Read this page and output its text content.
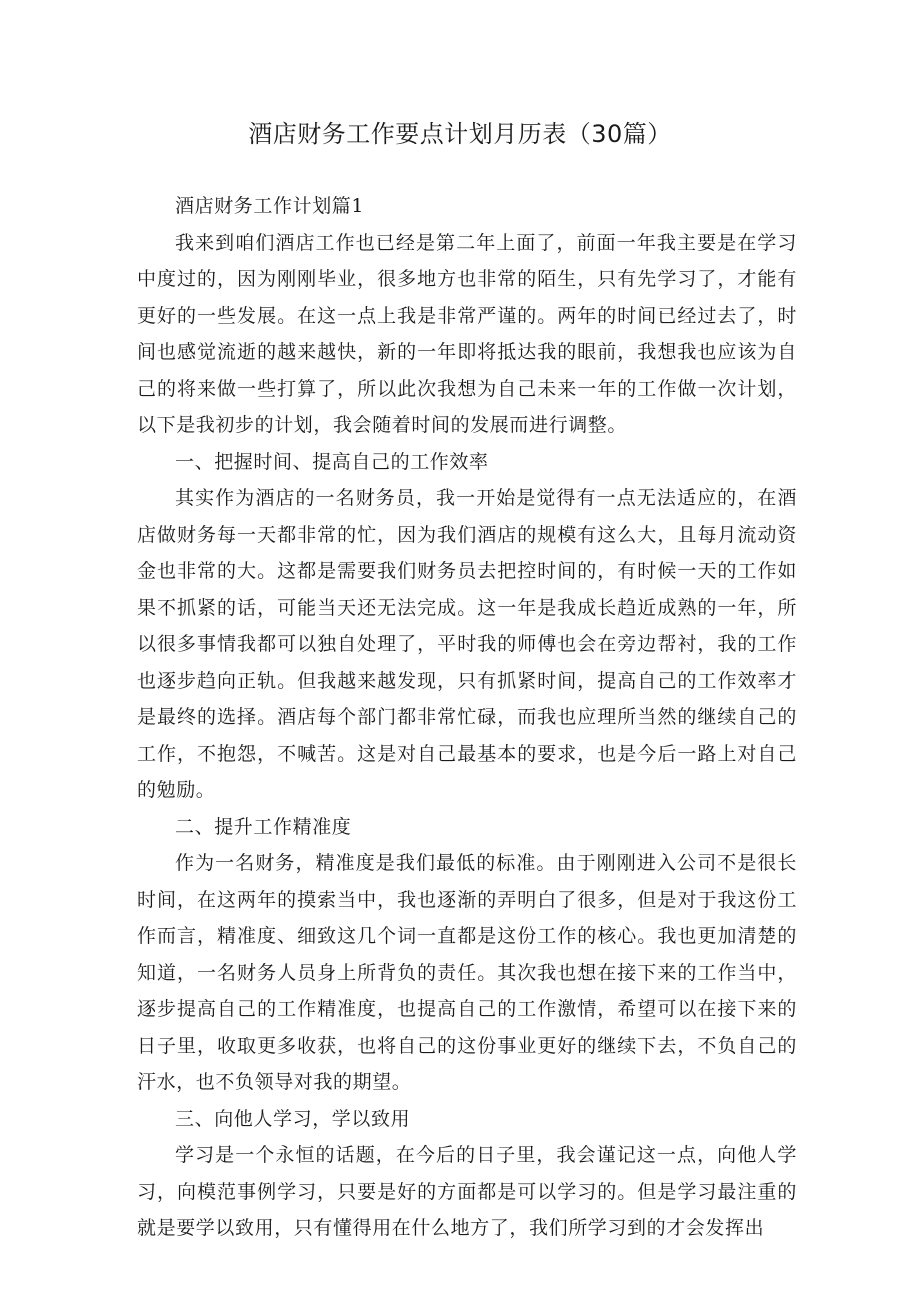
酒店财务工作要点计划月历表（30篇）

酒店财务工作计划篇1

我来到咱们酒店工作也已经是第二年上面了，前面一年我主要是在学习中度过的，因为刚刚毕业，很多地方也非常的陌生，只有先学习了，才能有更好的一些发展。在这一点上我是非常严谨的。两年的时间已经过去了，时间也感觉流逝的越来越快，新的一年即将抵达我的眼前，我想我也应该为自己的将来做一些打算了，所以此次我想为自己未来一年的工作做一次计划，以下是我初步的计划，我会随着时间的发展而进行调整。

一、把握时间、提高自己的工作效率

其实作为酒店的一名财务员，我一开始是觉得有一点无法适应的，在酒店做财务每一天都非常的忙，因为我们酒店的规模有这么大，且每月流动资金也非常的大。这都是需要我们财务员去把控时间的，有时候一天的工作如果不抓紧的话，可能当天还无法完成。这一年是我成长趋近成熟的一年，所以很多事情我都可以独自处理了，平时我的师傅也会在旁边帮衬，我的工作也逐步趋向正轨。但我越来越发现，只有抓紧时间，提高自己的工作效率才是最终的选择。酒店每个部门都非常忙碌，而我也应理所当然的继续自己的工作，不抱怨，不喊苦。这是对自己最基本的要求，也是今后一路上对自己的勉励。

二、提升工作精准度

作为一名财务，精准度是我们最低的标准。由于刚刚进入公司不是很长时间，在这两年的摸索当中，我也逐渐的弄明白了很多，但是对于我这份工作而言，精准度、细致这几个词一直都是这份工作的核心。我也更加清楚的知道，一名财务人员身上所背负的责任。其次我也想在接下来的工作当中，逐步提高自己的工作精准度，也提高自己的工作激情，希望可以在接下来的日子里，收取更多收获，也将自己的这份事业更好的继续下去，不负自己的汗水，也不负领导对我的期望。

三、向他人学习，学以致用

学习是一个永恒的话题，在今后的日子里，我会谨记这一点，向他人学习，向模范事例学习，只要是好的方面都是可以学习的。但是学习最注重的就是要学以致用，只有懂得用在什么地方了，我们所学习到的才会发挥出
